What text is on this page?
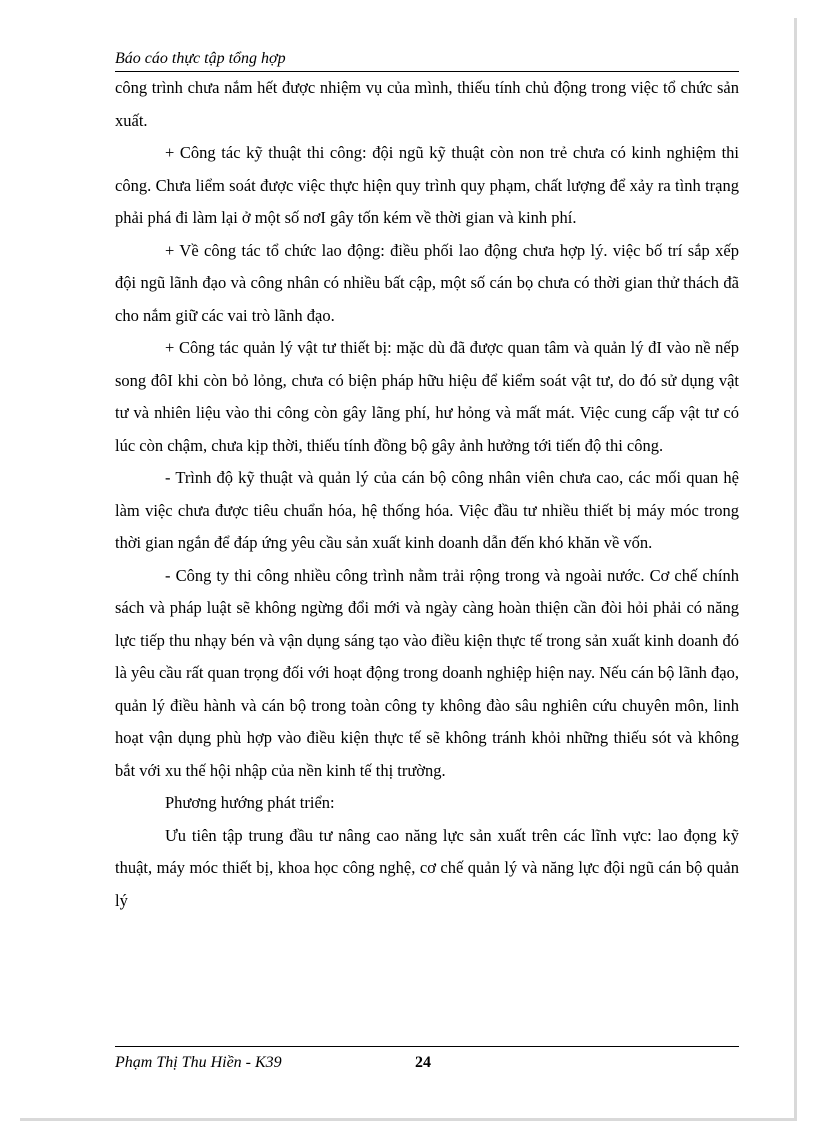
Báo cáo thực tập tổng hợp

công trình chưa nắm hết được nhiệm vụ của mình, thiếu tính chủ động trong việc tổ chức sản xuất.

+ Công tác kỹ thuật thi công: đội ngũ kỹ thuật còn non trẻ chưa có kinh nghiệm thi công. Chưa liểm soát được việc thực hiện quy trình quy phạm, chất lượng để xảy ra tình trạng phải phá đi làm lại ở một số nơI gây tốn kém về thời gian và kinh phí.

+ Về công tác tổ chức lao động: điều phối lao động chưa hợp lý. việc bố trí sắp xếp đội ngũ lãnh đạo và công nhân có nhiều bất cập, một số cán bọ chưa có thời gian thử thách đã cho nắm giữ các vai trò lãnh đạo.

+ Công tác quản lý vật tư thiết bị: mặc dù đã được quan tâm và quản lý đI vào nề nếp song đôI khi còn bỏ lỏng, chưa có biện pháp hữu hiệu để kiểm soát vật tư, do đó sử dụng vật tư và nhiên liệu vào thi công còn gây lãng phí, hư hỏng và mất mát. Việc cung cấp vật tư có lúc còn chậm, chưa kịp thời, thiếu tính đồng bộ gây ảnh hưởng tới tiến độ thi công.

- Trình độ kỹ thuật và quản lý của cán bộ công nhân viên chưa cao, các mối quan hệ làm việc chưa được tiêu chuẩn hóa, hệ thống hóa. Việc đầu tư nhiều thiết bị máy móc trong thời gian ngắn để đáp ứng yêu cầu sản xuất kinh doanh dẫn đến khó khăn về vốn.

- Công ty thi công nhiều công trình nằm trải rộng trong và ngoài nước. Cơ chế chính sách và pháp luật sẽ không ngừng đổi mới và ngày càng hoàn thiện cần đòi hỏi phải có năng lực tiếp thu nhạy bén và vận dụng sáng tạo vào điều kiện thực tế trong sản xuất kinh doanh đó là yêu cầu rất quan trọng đối với hoạt động trong doanh nghiệp hiện nay. Nếu cán bộ lãnh đạo, quản lý điều hành và cán bộ trong toàn công ty không đào sâu nghiên cứu chuyên môn, linh hoạt vận dụng phù hợp vào điều kiện thực tế sẽ không tránh khỏi những thiếu sót và không bắt với xu thế hội nhập của nền kinh tế thị trường.

Phương hướng phát triển:

Ưu tiên tập trung đầu tư nâng cao năng lực sản xuất trên các lĩnh vực: lao đọng kỹ thuật, máy móc thiết bị, khoa học công nghệ, cơ chế quản lý và năng lực đội ngũ cán bộ quản lý

Phạm Thị Thu Hiền - K39	24
